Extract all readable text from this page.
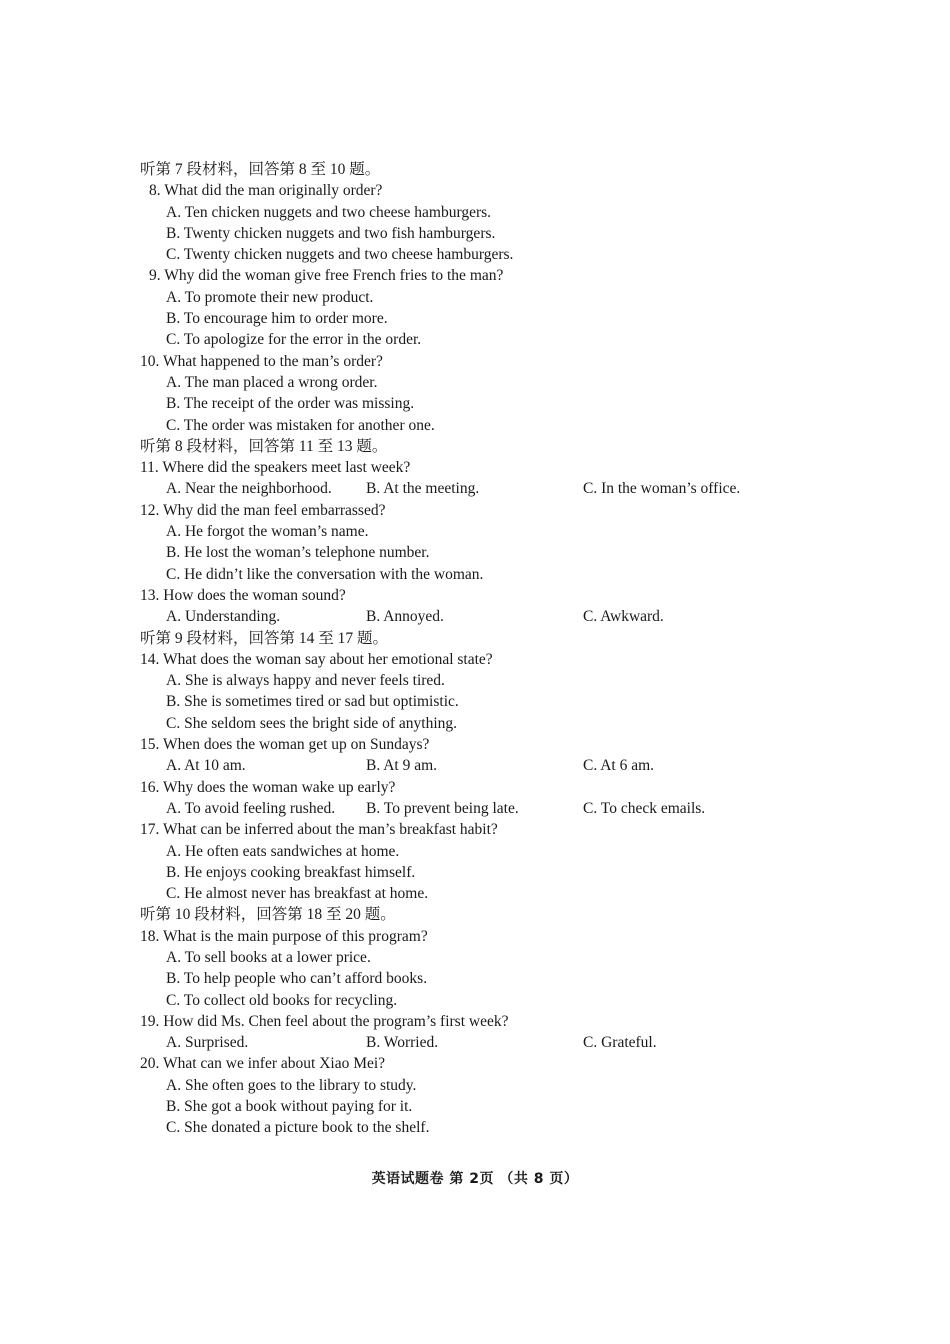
听第 7 段材料，回答第 8 至 10 题。
8. What did the man originally order?
A. Ten chicken nuggets and two cheese hamburgers.
B. Twenty chicken nuggets and two fish hamburgers.
C. Twenty chicken nuggets and two cheese hamburgers.
9. Why did the woman give free French fries to the man?
A. To promote their new product.
B. To encourage him to order more.
C. To apologize for the error in the order.
10. What happened to the man’s order?
A. The man placed a wrong order.
B. The receipt of the order was missing.
C. The order was mistaken for another one.
听第 8 段材料，回答第 11 至 13 题。
11. Where did the speakers meet last week?
A. Near the neighborhood. B. At the meeting.	C. In the woman’s office.
12. Why did the man feel embarrassed?
A. He forgot the woman’s name.
B. He lost the woman’s telephone number.
C. He didn’t like the conversation with the woman.
13. How does the woman sound?
A. Understanding.	B. Annoyed.	C. Awkward.
听第 9 段材料，回答第 14 至 17 题。
14. What does the woman say about her emotional state?
A. She is always happy and never feels tired.
B. She is sometimes tired or sad but optimistic.
C. She seldom sees the bright side of anything.
15. When does the woman get up on Sundays?
A. At 10 am.	B. At 9 am.	C. At 6 am.
16. Why does the woman wake up early?
A. To avoid feeling rushed. B. To prevent being late.	C. To check emails.
17. What can be inferred about the man’s breakfast habit?
A. He often eats sandwiches at home.
B. He enjoys cooking breakfast himself.
C. He almost never has breakfast at home.
听第 10 段材料，回答第 18 至 20 题。
18. What is the main purpose of this program?
A. To sell books at a lower price.
B. To help people who can’t afford books.
C. To collect old books for recycling.
19. How did Ms. Chen feel about the program’s first week?
A. Surprised.	B. Worried.	C. Grateful.
20. What can we infer about Xiao Mei?
A. She often goes to the library to study.
B. She got a book without paying for it.
C. She donated a picture book to the shelf.
英语试题卷 第 2页 （共 8 页）
